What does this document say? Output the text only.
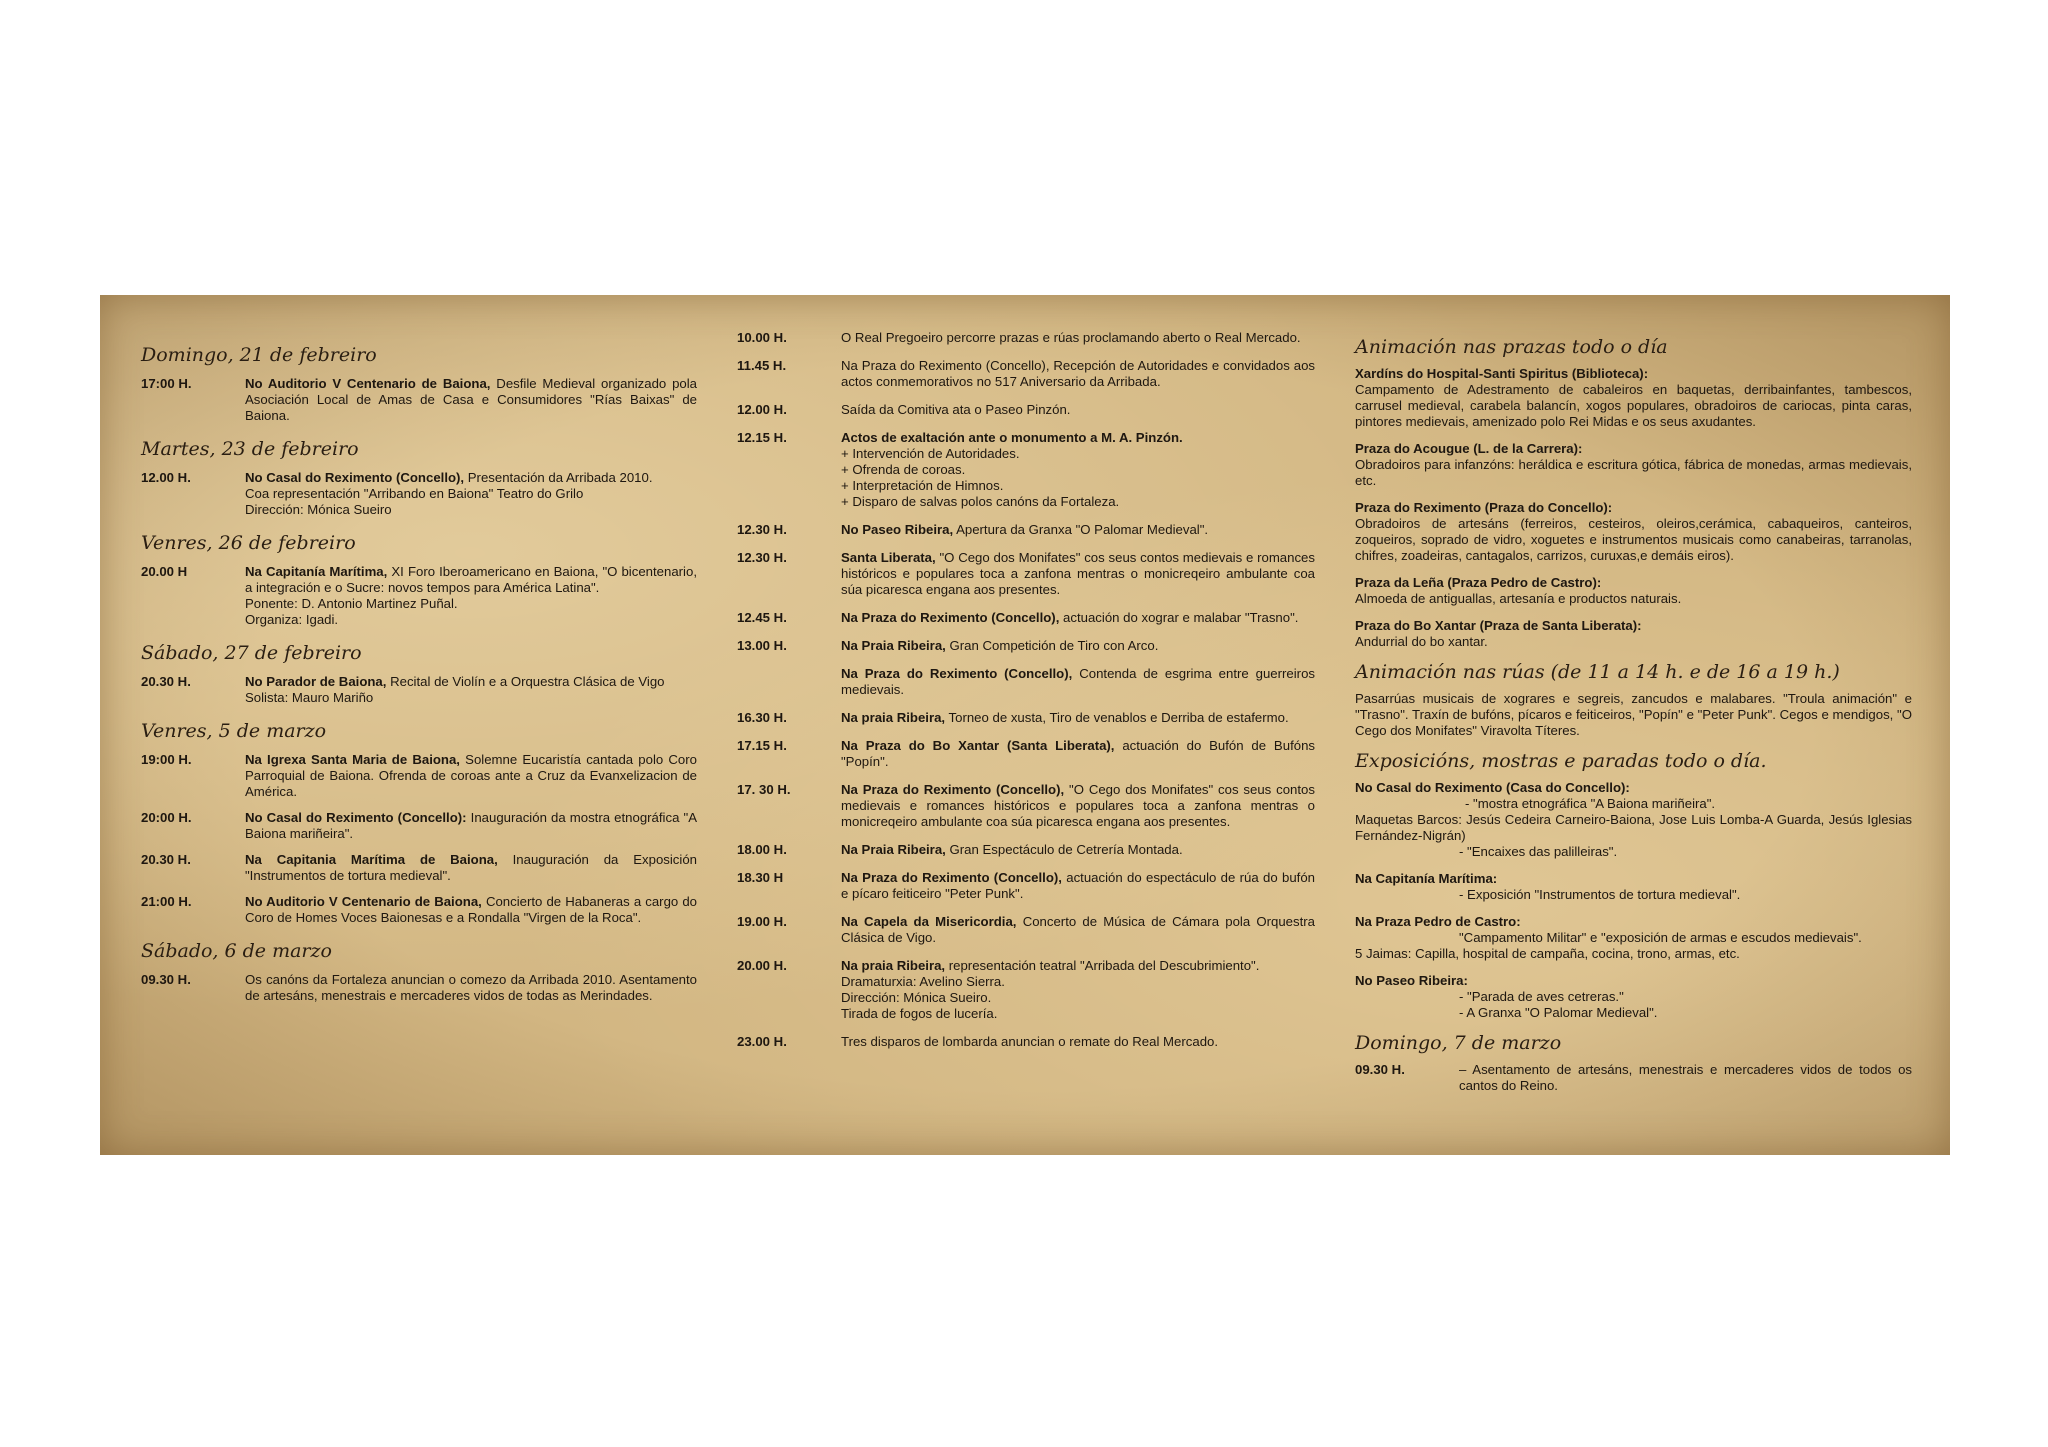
Domingo, 21 de febreiro
17:00 H.	No Auditorio V Centenario de Baiona, Desfile Medieval organizado pola Asociación Local de Amas de Casa e Consumidores "Rías Baixas" de Baiona.
Martes, 23 de febreiro
12.00 H.	No Casal do Reximento (Concello), Presentación da Arribada 2010.
Coa representación "Arribando en Baiona" Teatro do Grilo
Dirección: Mónica Sueiro
Venres, 26 de febreiro
20.00 H	Na Capitanía Marítima, XI Foro Iberoamericano en Baiona, "O bicentenario, a integración e o Sucre: novos tempos para América Latina".
Ponente: D. Antonio Martinez Puñal.
Organiza: Igadi.
Sábado, 27 de febreiro
20.30 H.	No Parador de Baiona, Recital de Violín e a Orquestra Clásica de Vigo
Solista: Mauro Mariño
Venres, 5 de marzo
19:00 H.	Na Igrexa Santa Maria de Baiona, Solemne Eucaristía cantada polo Coro Parroquial de Baiona. Ofrenda de coroas ante a Cruz da Evanxelizacion de América.
20:00 H.	No Casal do Reximento (Concello): Inauguración da mostra etnográfica "A Baiona mariñeira".
20.30 H.	Na Capitania Marítima de Baiona, Inauguración da Exposición "Instrumentos de tortura medieval".
21:00 H.	No Auditorio V Centenario de Baiona, Concierto de Habaneras a cargo do Coro de Homes Voces Baionesas e a Rondalla "Virgen de la Roca".
Sábado, 6 de marzo
09.30 H.	Os canóns da Fortaleza anuncian o comezo da Arribada 2010. Asentamento de artesáns, menestrais e mercaderes vidos de todas as Merindades.
10.00 H.	O Real Pregoeiro percorre prazas e rúas proclamando aberto o Real Mercado.
11.45 H.	Na Praza do Reximento (Concello), Recepción de Autoridades e convidados aos actos conmemorativos no 517 Aniversario da Arribada.
12.00 H.	Saída da Comitiva ata o Paseo Pinzón.
12.15 H.	Actos de exaltación ante o monumento a M. A. Pinzón.
+ Intervención de Autoridades.
+ Ofrenda de coroas.
+ Interpretación de Himnos.
+ Disparo de salvas polos canóns da Fortaleza.
12.30 H.	No Paseo Ribeira, Apertura da Granxa "O Palomar Medieval".
12.30 H.	Santa Liberata, "O Cego dos Monifates" cos seus contos medievais e romances históricos e populares toca a zanfona mentras o monicreqeiro ambulante coa súa picaresca engana aos presentes.
12.45 H.	Na Praza do Reximento (Concello), actuación do xograr e malabar "Trasno".
13.00 H.	Na Praia Ribeira, Gran Competición de Tiro con Arco.
Na Praza do Reximento (Concello), Contenda de esgrima entre guerreiros medievais.
16.30 H.	Na praia Ribeira, Torneo de xusta, Tiro de venablos e Derriba de estafermo.
17.15 H.	Na Praza do Bo Xantar (Santa Liberata), actuación do Bufón de Bufóns "Popín".
17. 30 H.	Na Praza do Reximento (Concello), "O Cego dos Monifates" cos seus contos medievais e romances históricos e populares toca a zanfona mentras o monicreqeiro ambulante coa súa picaresca engana aos presentes.
18.00 H.	Na Praia Ribeira, Gran Espectáculo de Cetrería Montada.
18.30 H	Na Praza do Reximento (Concello), actuación do espectáculo de rúa do bufón e pícaro feiticeiro "Peter Punk".
19.00 H.	Na Capela da Misericordia, Concerto de Música de Cámara pola Orquestra Clásica de Vigo.
20.00 H.	Na praia Ribeira, representación teatral "Arribada del Descubrimiento".
Dramaturxia: Avelino Sierra.
Dirección: Mónica Sueiro.
Tirada de fogos de lucería.
23.00 H.	Tres disparos de lombarda anuncian o remate do Real Mercado.
Animación nas prazas todo o día
Xardíns do Hospital-Santi Spiritus (Biblioteca):
Campamento de Adestramento de cabaleiros en baquetas, derribainfantes, tambescos, carrusel medieval, carabela balancín, xogos populares, obradoiros de cariocas, pinta caras, pintores medievais, amenizado polo Rei Midas e os seus axudantes.
Praza do Acougue (L. de la Carrera):
Obradoiros para infanzóns: heráldica e escritura gótica, fábrica de monedas, armas medievais, etc.
Praza do Reximento (Praza do Concello):
Obradoiros de artesáns (ferreiros, cesteiros, oleiros,cerámica, cabaqueiros, canteiros, zoqueiros, soprado de vidro, xoguetes e instrumentos musicais como canabeiras, tarranolas, chifres, zoadeiras, cantagalos, carrizos, curuxas,e demáis eiros).
Praza da Leña (Praza Pedro de Castro):
Almoeda de antiguallas, artesanía e productos naturais.
Praza do Bo Xantar (Praza de Santa Liberata):
Andurrial do bo xantar.
Animación nas rúas (de 11 a 14 h. e de 16 a 19 h.)
Pasarrúas musicais de xograres e segreis, zancudos e malabares. "Troula animación" e "Trasno". Traxín de bufóns, pícaros e feiticeiros, "Popín" e "Peter Punk". Cegos e mendigos, "O Cego dos Monifates" Viravolta Títeres.
Exposicións, mostras e paradas todo o día.
No Casal do Reximento (Casa do Concello):
- "mostra etnográfica "A Baiona mariñeira".
Maquetas Barcos: Jesús Cedeira Carneiro-Baiona, Jose Luis Lomba-A Guarda, Jesús Iglesias Fernández-Nigrán)
- "Encaixes das palilleiras".
Na Capitanía Marítima:
- Exposición "Instrumentos de tortura medieval".
Na Praza Pedro de Castro:
"Campamento Militar" e "exposición de armas e escudos medievais".
5 Jaimas: Capilla, hospital de campaña, cocina, trono, armas, etc.
No Paseo Ribeira:
- "Parada de aves cetreras."
- A Granxa "O Palomar Medieval".
Domingo, 7 de marzo
09.30 H.	– Asentamento de artesáns, menestrais e mercaderes vidos de todos os cantos do Reino.
